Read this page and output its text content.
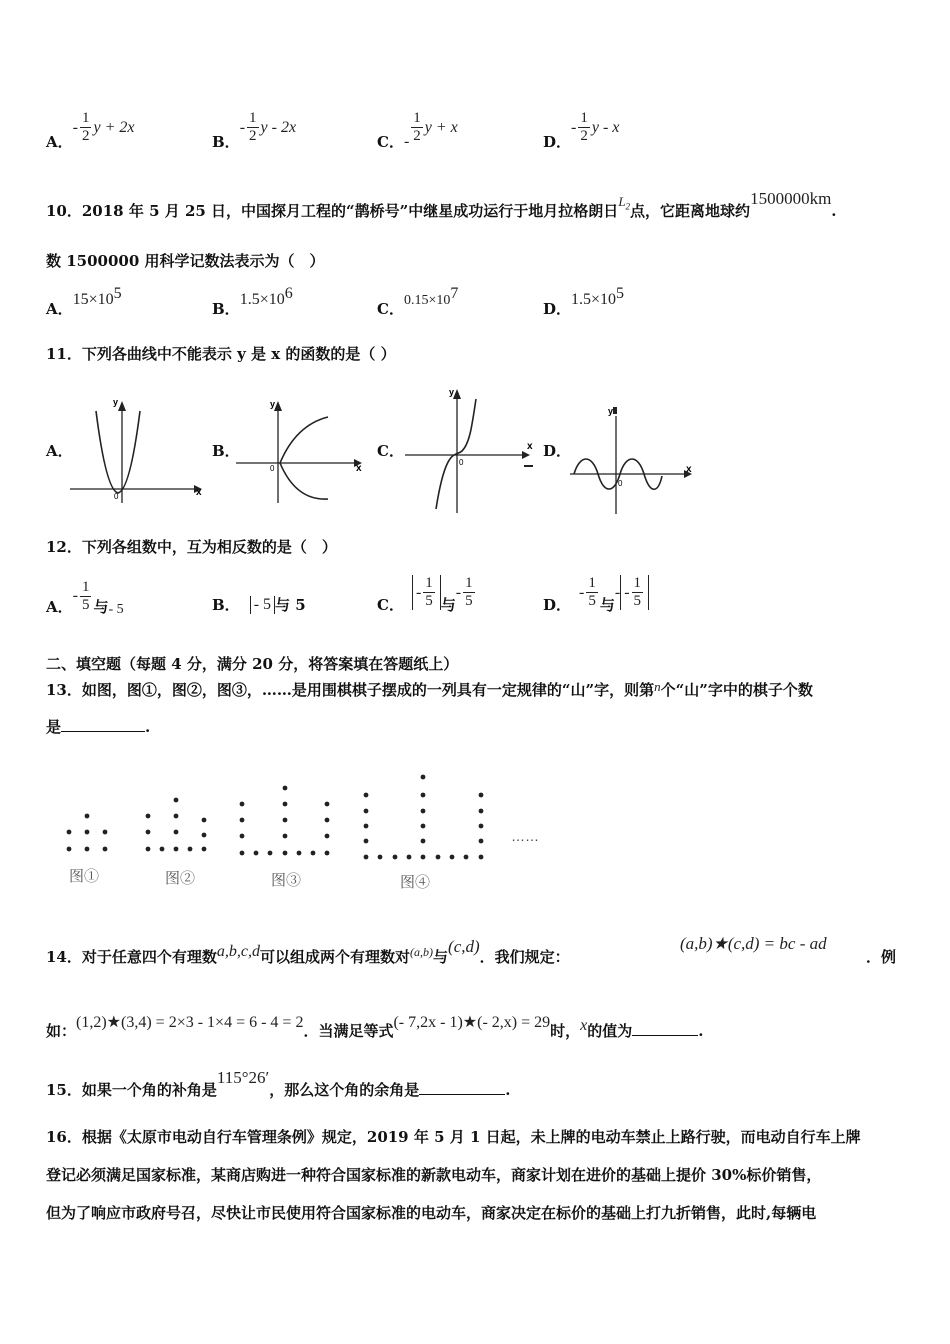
A．
- $\frac{1}{2}$ y + 2x
B．
- $\frac{1}{2}$ y - 2x
C． - $\frac{1}{2}$ y + x
D．
- $\frac{1}{2}$ y - x
10．2018 年 5 月 25 日，中国探月工程的“鹊桥号”中继星成功运行于地月拉格朗日$L_2$点，它距离地球约1500000km.
数 1500000 用科学记数法表示为（　）
A．$15\times 10^5$
B．$1.5\times 10^6$
C．$0.15\times 10^7$
D．$1.5\times 10^5$
11．下列各曲线中不能表示 y 是 x 的函数的是（ ）
A．
y
x
0
B．
y
x
0
C．
y
x
0
D．
y
x
0
12．下列各组数中，互为相反数的是（　）
A．
- $\frac{1}{5}$ 与 - 5	B． - 5 与 5	C．
- $\frac{1}{5}$ 与
- $\frac{1}{5}$	D．
- $\frac{1}{5}$ 与
- - $\frac{1}{5}$
二、填空题（每题 4 分，满分 20 分，将答案填在答题纸上）
13．如图，图①，图②，图③，……是用围棋棋子摆成的一列具有一定规律的“山”字，则第n个“山”字中的棋子个数
是	.
……
图①	图②	图③	图④
14．对于任意四个有理数a,b,c,d可以组成两个有理数对$^{(a,b)}$与(c,d)．我们规定：
(a,b)★(c,d) = bc - ad
．例
如：(1,2)★(3,4) = 2×3 - 1×4 = 6 - 4 = 2．当满足等式(- 7,2x - 1)★(- 2,x) = 29时，x的值为	.
15．如果一个角的补角是115°26′，那么这个角的余角是	.
16．根据《太原市电动自行车管理条例》规定，2019 年 5 月 1 日起，未上牌的电动车禁止上路行驶，而电动自行车上牌
登记必须满足国家标准，某商店购进一种符合国家标准的新款电动车，商家计划在进价的基础上提价 30%标价销售，
但为了响应市政府号召，尽快让市民使用符合国家标准的电动车，商家决定在标价的基础上打九折销售，此时,每辆电
